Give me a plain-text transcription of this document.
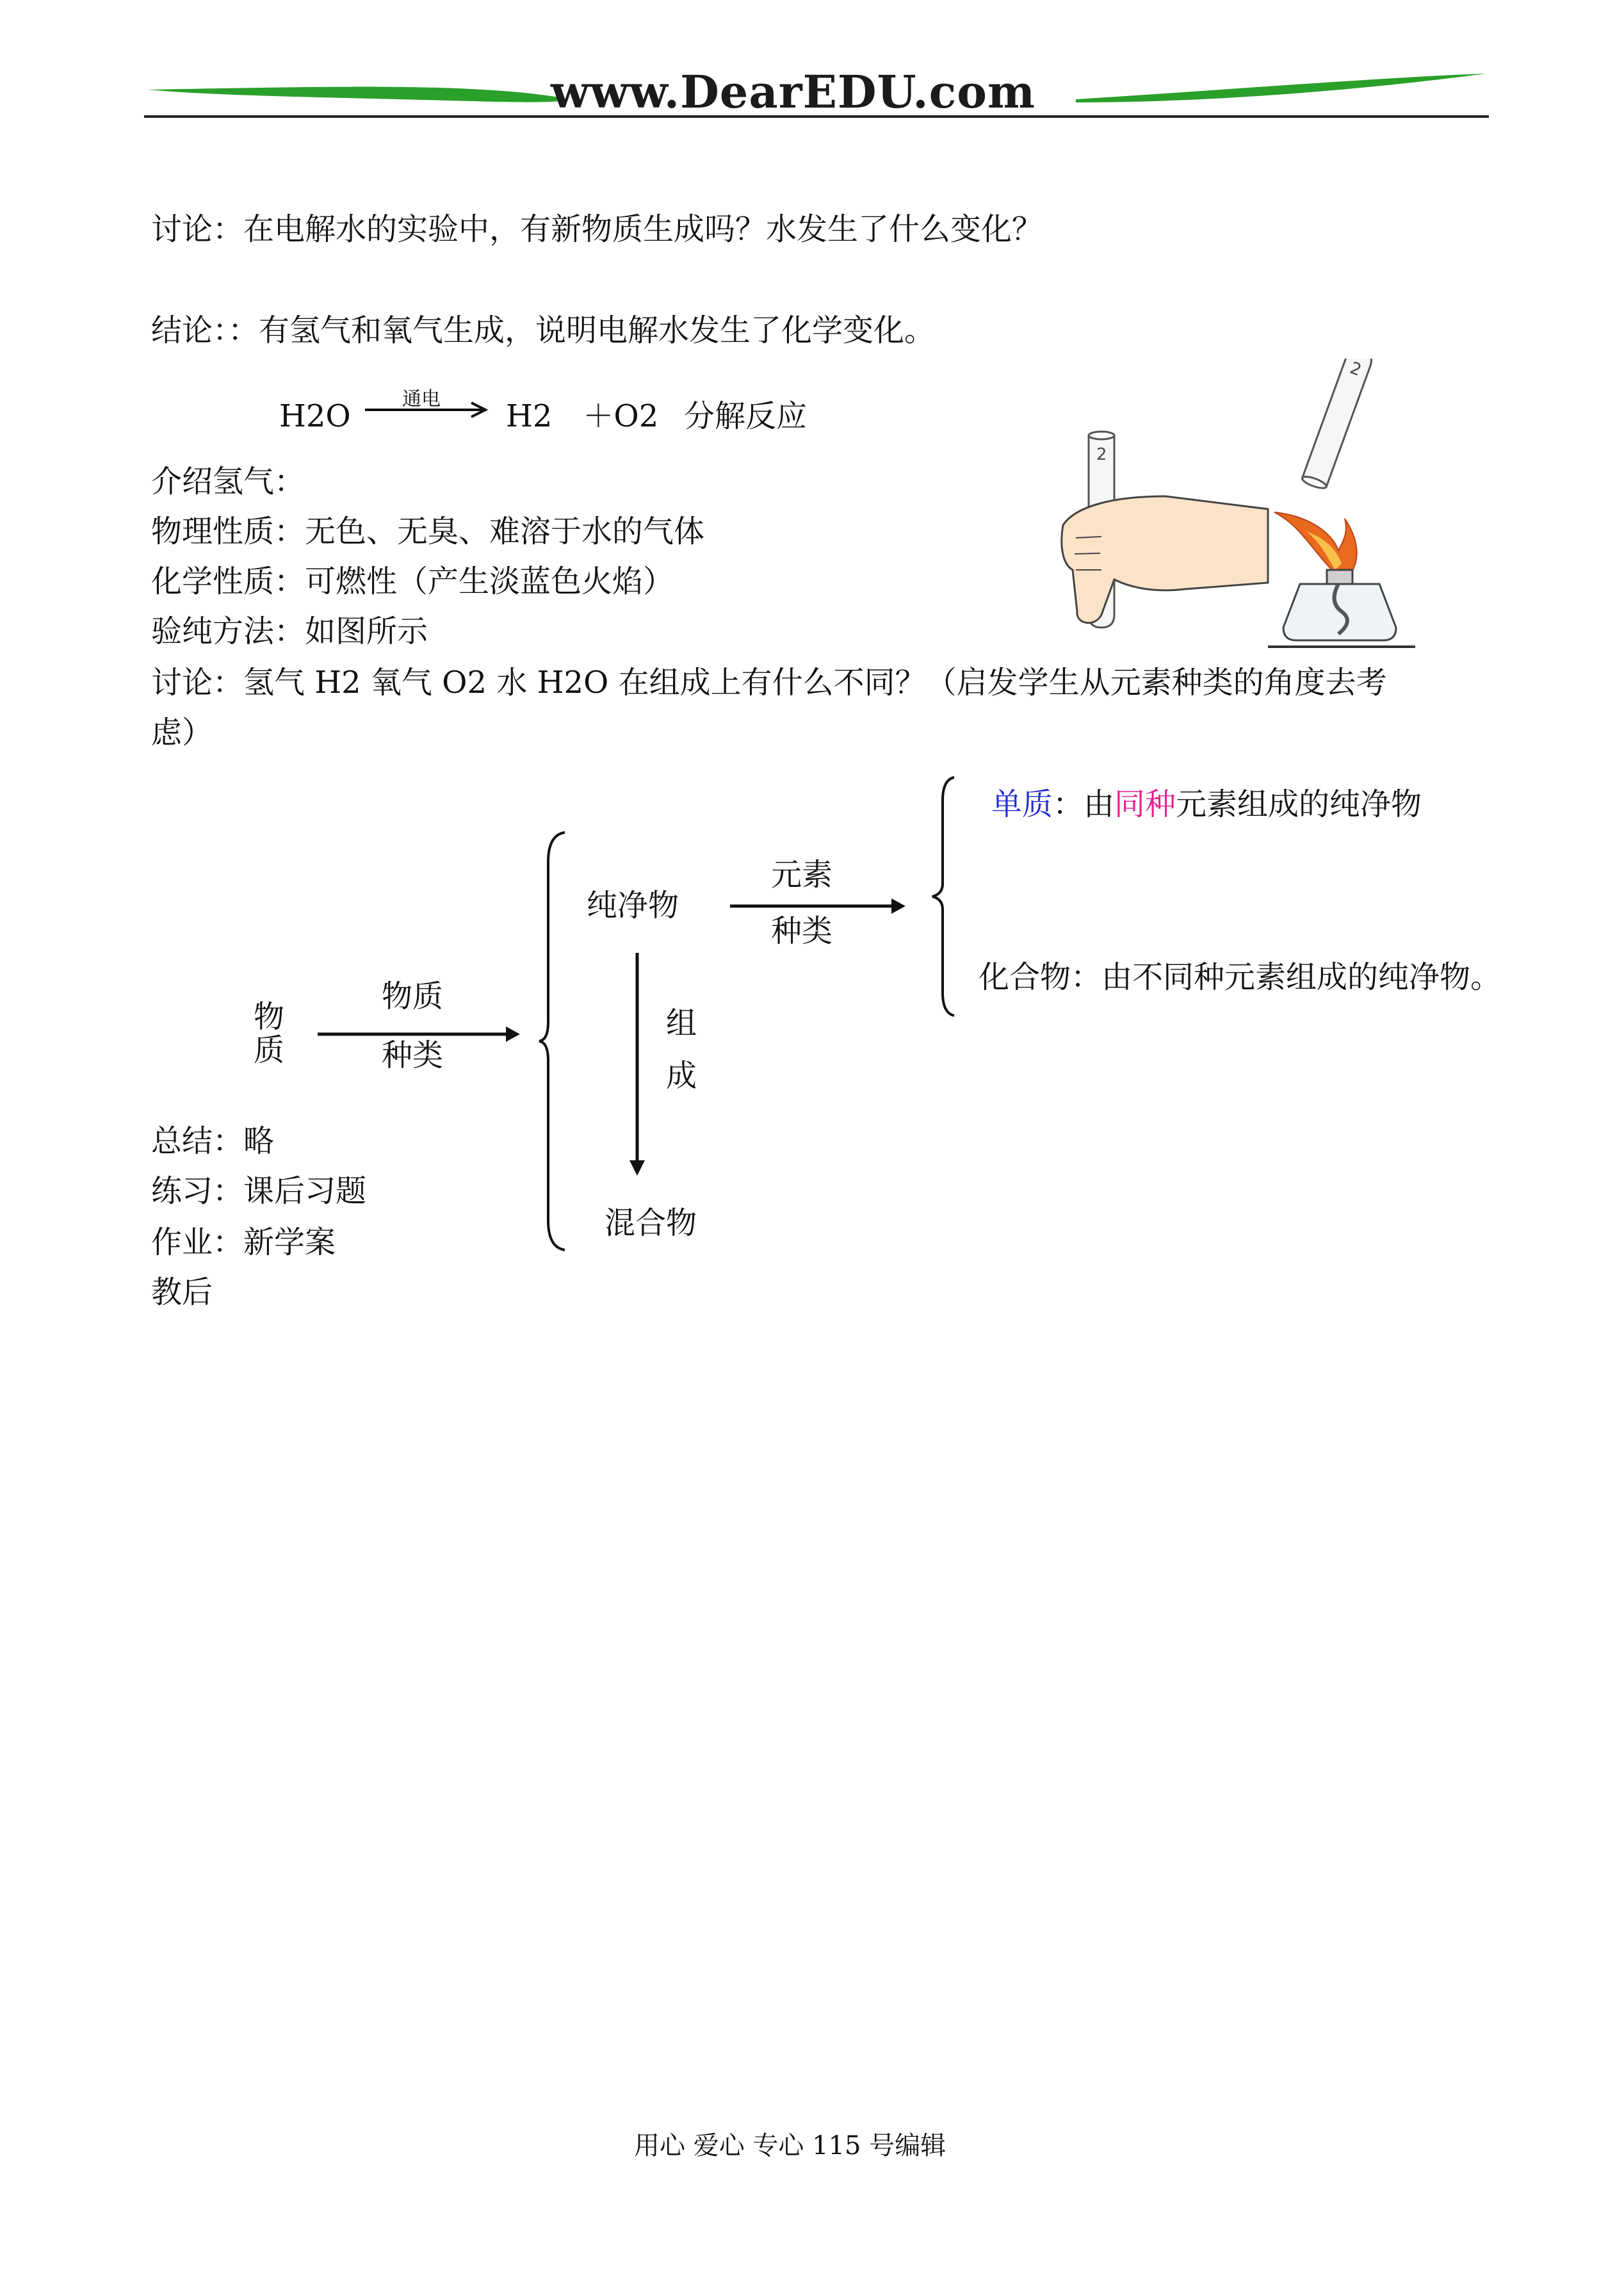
www.DearEDU.com
讨论：在电解水的实验中，有新物质生成吗？水发生了什么变化？
结论：：有氢气和氧气生成，说明电解水发生了化学变化。
H2O	通电 H2　＋O2 分解反应
介绍氢气：
物理性质：无色、无臭、难溶于水的气体
化学性质：可燃性（产生淡蓝色火焰）
验纯方法：如图所示
讨论：氢气 H2 氧气 O2 水 H2O 在组成上有什么不同？（启发学生从元素种类的角度去考
虑）
2
2
物
质
物质
种类
纯净物
元素
种类
组
成
混合物
单质：由同种元素组成的纯净物
化合物：由不同种元素组成的纯净物。
总结：略
练习：课后习题
作业：新学案
教后
用心 爱心 专心 115 号编辑
